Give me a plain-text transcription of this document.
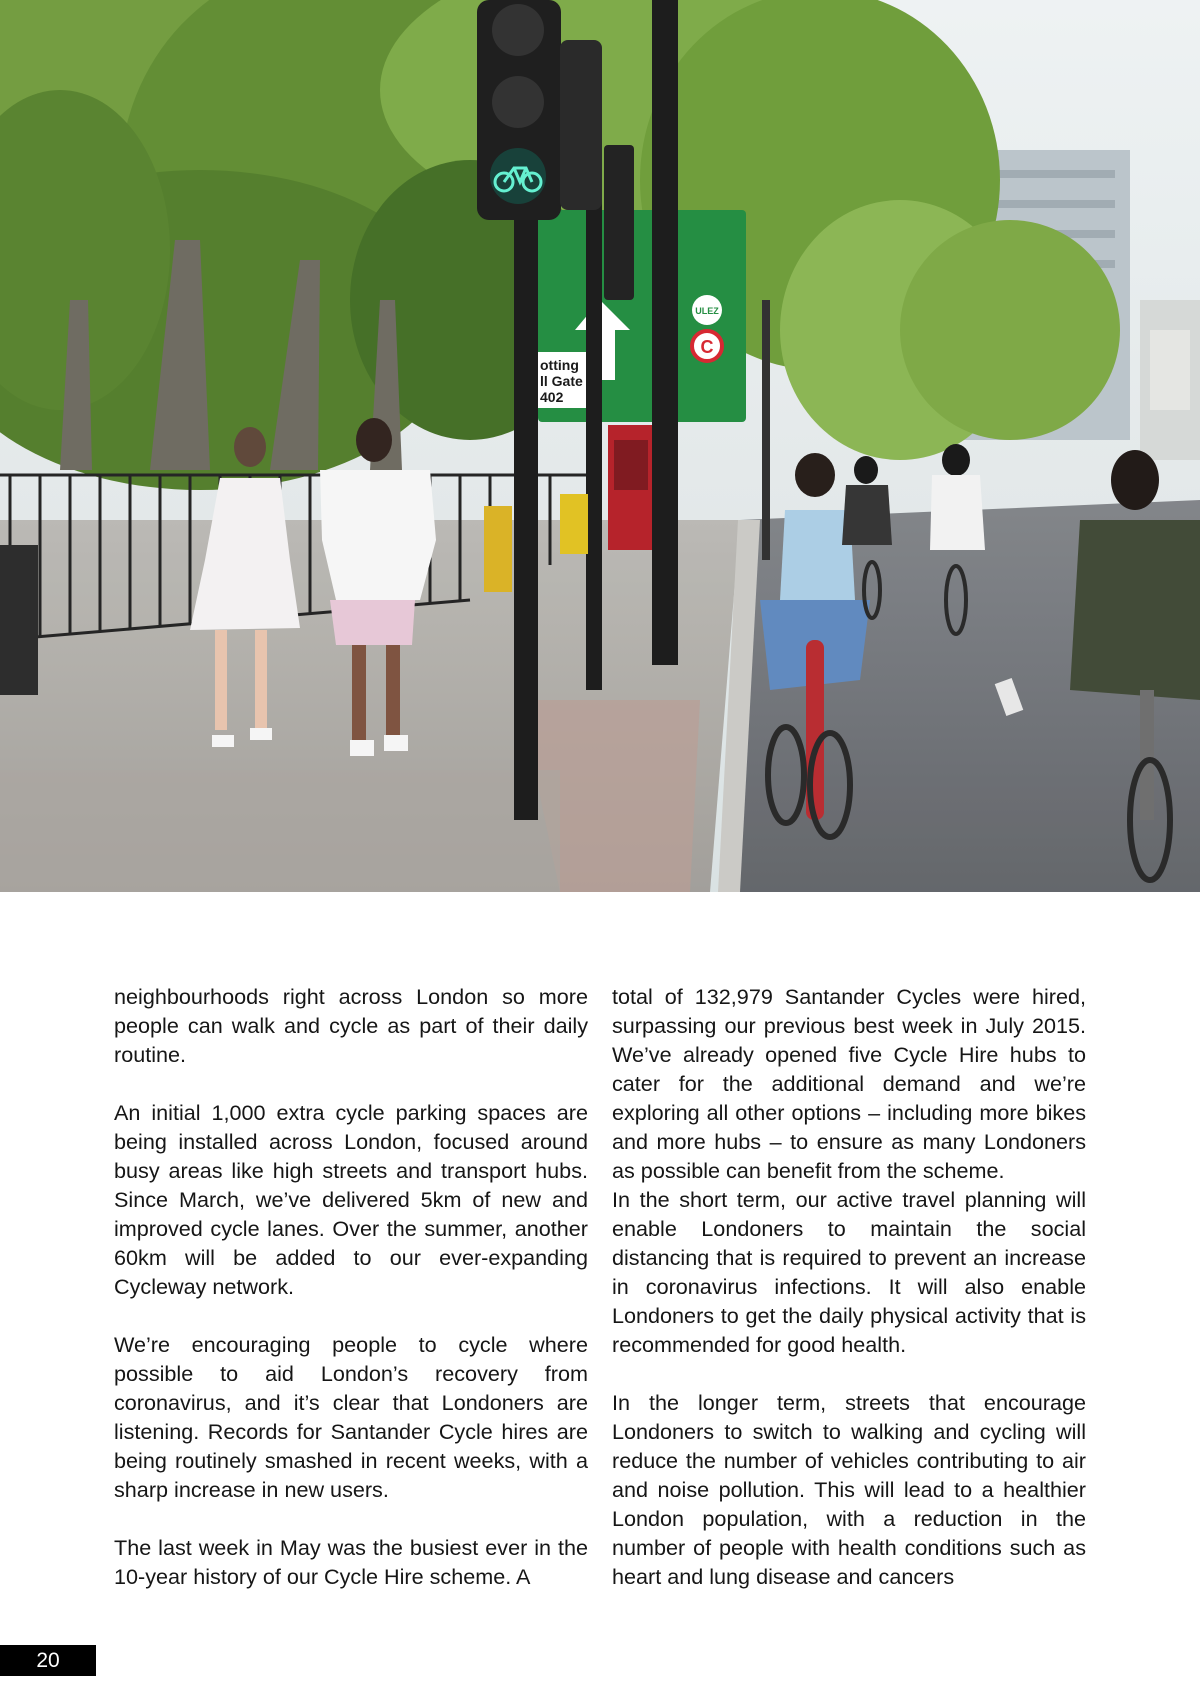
otting
ll Gate
402
ULEZ
C

neighbourhoods right across London so more people can walk and cycle as part of their daily routine.

An initial 1,000 extra cycle parking spaces are being installed across London, focused around busy areas like high streets and transport hubs. Since March, we’ve delivered 5km of new and improved cycle lanes. Over the summer, another 60km will be added to our ever-expanding Cycleway network.

We’re encouraging people to cycle where possible to aid London’s recovery from coronavirus, and it’s clear that Londoners are listening. Records for Santander Cycle hires are being routinely smashed in recent weeks, with a sharp increase in new users.

The last week in May was the busiest ever in the 10-year history of our Cycle Hire scheme. A

total of 132,979 Santander Cycles were hired, surpassing our previous best week in July 2015. We’ve already opened five Cycle Hire hubs to cater for the additional demand and we’re exploring all other options – including more bikes and more hubs – to ensure as many Londoners as possible can benefit from the scheme.

In the short term, our active travel planning will enable Londoners to maintain the social distancing that is required to prevent an increase in coronavirus infections. It will also enable Londoners to get the daily physical activity that is recommended for good health.

In the longer term, streets that encourage Londoners to switch to walking and cycling will reduce the number of vehicles contributing to air and noise pollution. This will lead to a healthier London population, with a reduction in the number of people with health conditions such as heart and lung disease and cancers

20
